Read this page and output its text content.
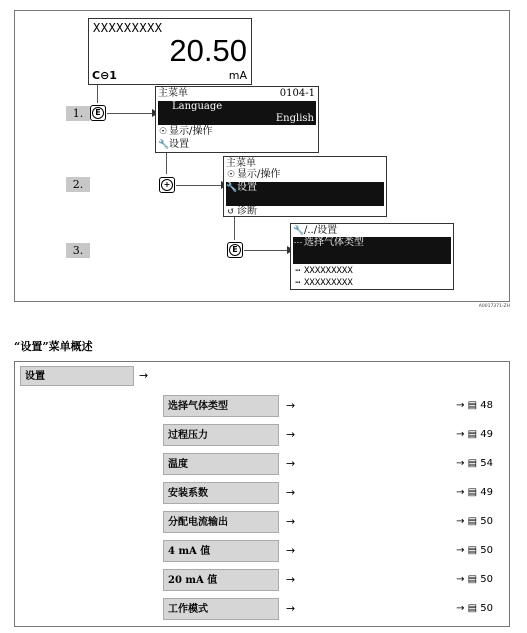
XXXXXXXXX
20.50
C⊖1	mA
1.
2.
3.
E
+
E
主菜单	0104-1
Language
English
☉ 显示/操作
🔧设置
主菜单
☉ 显示/操作
🔧设置
↺ 诊断
🔧/../设置
⋯ 选择气体类型
⋯ XXXXXXXXX
⋯ XXXXXXXXX
A0017371-ZH
“设置”菜单概述
设置	→
选择气体类型	→	→ ▤ 48
过程压力	→	→ ▤ 49
温度	→	→ ▤ 54
安装系数	→	→ ▤ 49
分配电流输出	→	→ ▤ 50
4 mA 值	→	→ ▤ 50
20 mA 值	→	→ ▤ 50
工作模式	→	→ ▤ 50
